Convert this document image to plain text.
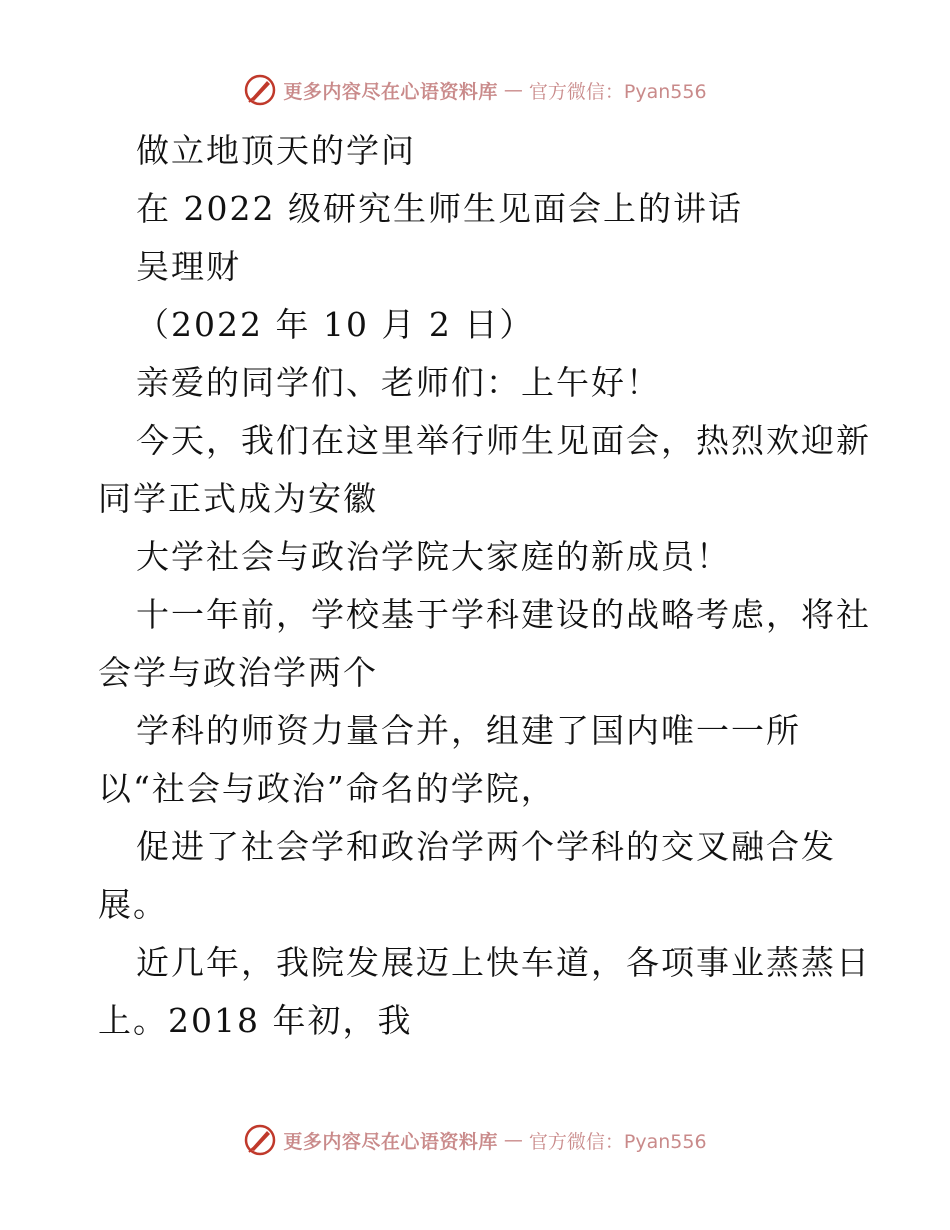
更多内容尽在心语资料库 — 官方微信：Pyan556
做立地顶天的学问
在 2022 级研究生师生见面会上的讲话
吴理财
（2022 年 10 月 2 日）
亲爱的同学们、老师们：上午好！
今天，我们在这里举行师生见面会，热烈欢迎新
同学正式成为安徽
大学社会与政治学院大家庭的新成员！
十一年前，学校基于学科建设的战略考虑，将社
会学与政治学两个
学科的师资力量合并，组建了国内唯一一所
以“社会与政治”命名的学院，
促进了社会学和政治学两个学科的交叉融合发
展。
近几年，我院发展迈上快车道，各项事业蒸蒸日
上。2018 年初，我
更多内容尽在心语资料库 — 官方微信：Pyan556
